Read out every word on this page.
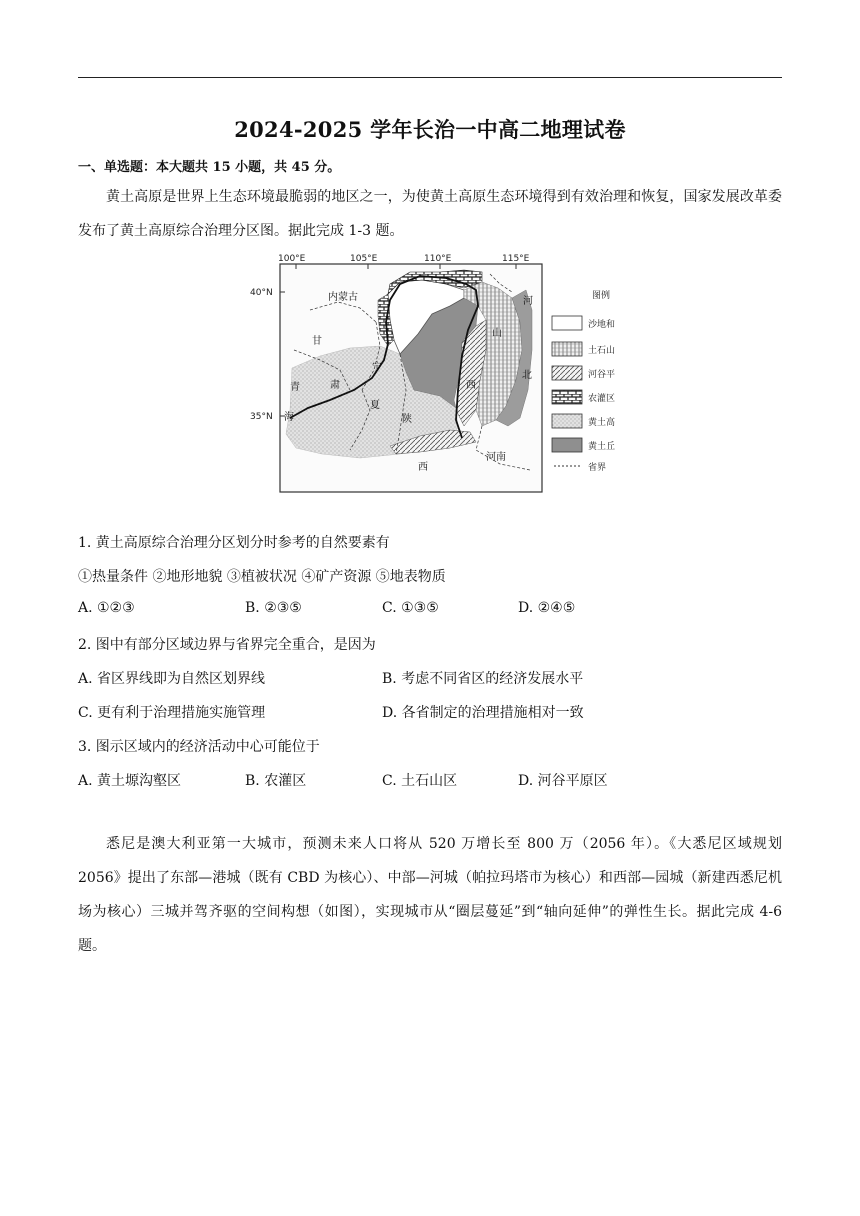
2024-2025 学年长治一中高二地理试卷
一、单选题：本大题共 15 小题，共 45 分。
黄土高原是世界上生态环境最脆弱的地区之一，为使黄土高原生态环境得到有效治理和恢复，国家发展改革委发布了黄土高原综合治理分区图。据此完成 1-3 题。
100°E	105°E	110°E	115°E
40°N
35°N
内蒙古	河
山
北
甘
宁
肃
青
夏
海
西
陕
西
河南
图例
沙地和
土石山
河谷平
农灌区
黄土高
黄土丘
省界
1. 黄土高原综合治理分区划分时参考的自然要素有
①热量条件 ②地形地貌 ③植被状况 ④矿产资源 ⑤地表物质
A. ①②③	B. ②③⑤	C. ①③⑤	D. ②④⑤
2. 图中有部分区域边界与省界完全重合，是因为
A. 省区界线即为自然区划界线	B. 考虑不同省区的经济发展水平
C. 更有利于治理措施实施管理	D. 各省制定的治理措施相对一致
3. 图示区域内的经济活动中心可能位于
A. 黄土塬沟壑区	B. 农灌区	C. 土石山区	D. 河谷平原区
悉尼是澳大利亚第一大城市，预测未来人口将从 520 万增长至 800 万（2056 年）。《大悉尼区域规划 2056》提出了东部—港城（既有 CBD 为核心）、中部—河城（帕拉玛塔市为核心）和西部—园城（新建西悉尼机场为核心）三城并驾齐驱的空间构想（如图），实现城市从“圈层蔓延”到“轴向延伸”的弹性生长。据此完成 4-6 题。
